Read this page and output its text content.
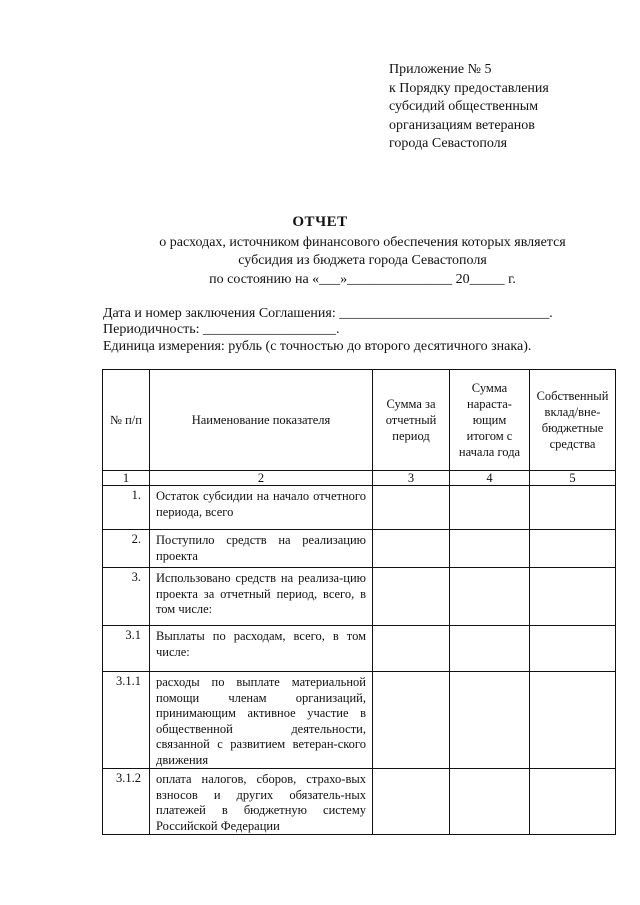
Приложение № 5
к Порядку предоставления
субсидий общественным
организациям ветеранов
города Севастополя
ОТЧЕТ
о расходах, источником финансового обеспечения которых является
субсидия из бюджета города Севастополя
по состоянию на «___»_______________ 20_____ г.
Дата и номер заключения Соглашения: ______________________________.
Периодичность: ___________________.
Единица измерения: рубль (с точностью до второго десятичного знака).
№ п/п	Наименование показателя	Сумма за отчетный период	Сумма нараста-ющим итогом с начала года	Собственный вклад/вне-бюджетные средства
1	2	3	4	5
1.	Остаток субсидии на начало отчетного периода, всего			
2.	Поступило средств на реализацию проекта			
3.	Использовано средств на реализа-цию проекта за отчетный период, всего, в том числе:			
3.1	Выплаты по расходам, всего, в том числе:			
3.1.1	расходы по выплате материальной помощи членам организаций, принимающим активное участие в общественной деятельности, связанной с развитием ветеран-ского движения			
3.1.2	оплата налогов, сборов, страхо-вых взносов и других обязатель-ных платежей в бюджетную систему Российской Федерации			
